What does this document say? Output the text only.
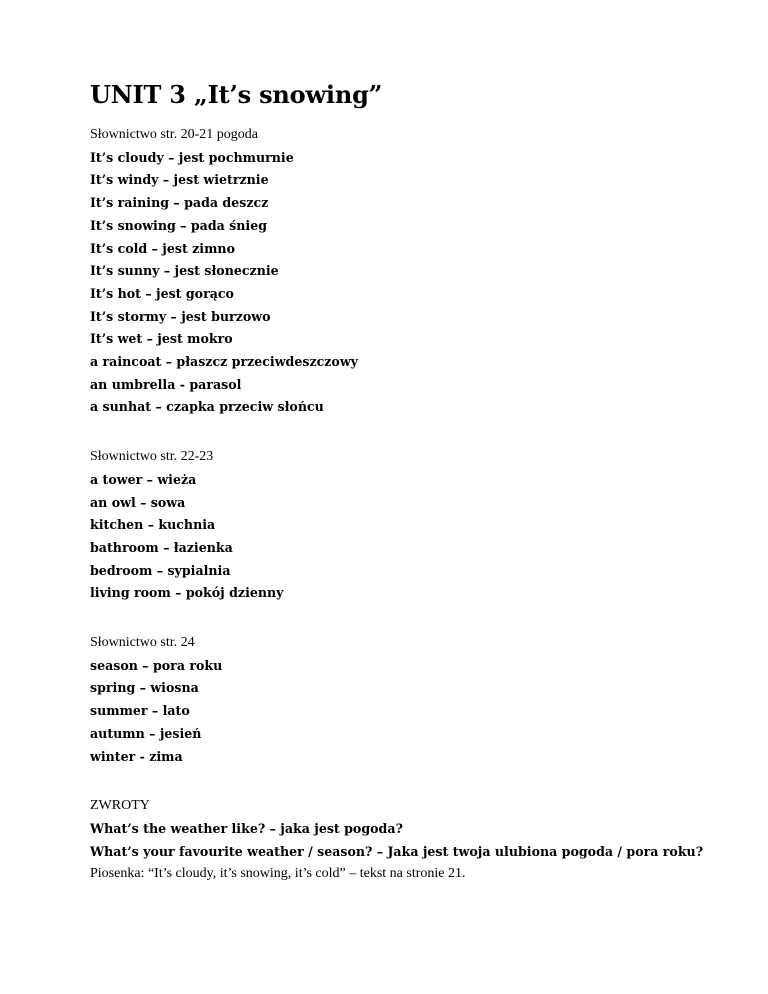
UNIT 3 „It’s snowing”

Słownictwo str. 20-21 pogoda

It’s cloudy – jest pochmurnie
It’s windy – jest wietrznie
It’s raining – pada deszcz
It’s snowing – pada śnieg
It’s cold – jest zimno
It’s sunny – jest słonecznie
It’s hot – jest gorąco
It’s stormy – jest burzowo
It’s wet – jest mokro
a raincoat – płaszcz przeciwdeszczowy
an umbrella - parasol
a sunhat – czapka przeciw słońcu

Słownictwo str. 22-23

a tower – wieża
an owl – sowa
kitchen – kuchnia
bathroom – łazienka
bedroom – sypialnia
living room – pokój dzienny

Słownictwo str. 24

season – pora roku
spring – wiosna
summer – lato
autumn – jesień
winter - zima

ZWROTY

What’s the weather like? – jaka jest pogoda?
What’s your favourite weather / season? – Jaka jest twoja ulubiona pogoda / pora roku?

Piosenka: “It’s cloudy, it’s snowing, it’s cold” – tekst na stronie 21.
